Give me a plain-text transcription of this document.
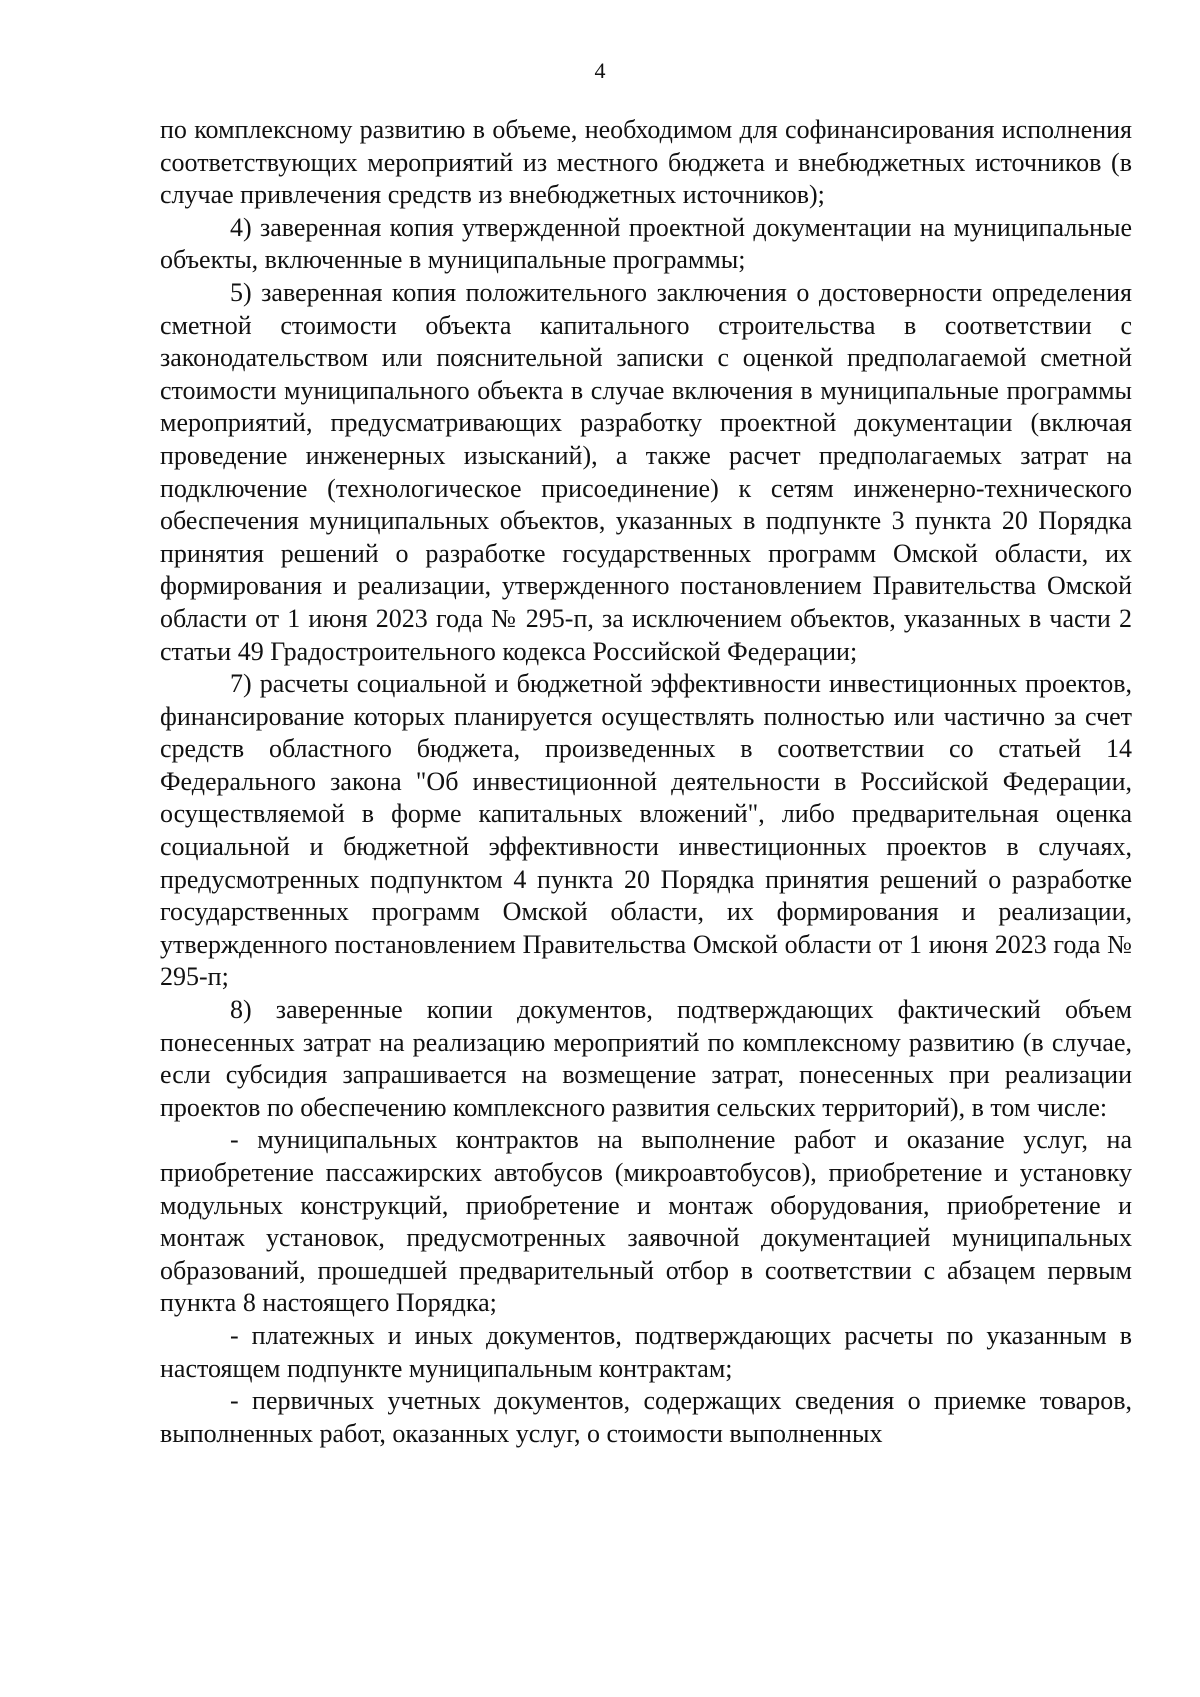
4

по комплексному развитию в объеме, необходимом для софинансирования исполнения соответствующих мероприятий из местного бюджета и внебюджетных источников (в случае привлечения средств из внебюджетных источников);

4) заверенная копия утвержденной проектной документации на муниципальные объекты, включенные в муниципальные программы;

5) заверенная копия положительного заключения о достоверности определения сметной стоимости объекта капитального строительства в соответствии с законодательством или пояснительной записки с оценкой предполагаемой сметной стоимости муниципального объекта в случае включения в муниципальные программы мероприятий, предусматривающих разработку проектной документации (включая проведение инженерных изысканий), а также расчет предполагаемых затрат на подключение (технологическое присоединение) к сетям инженерно-технического обеспечения муниципальных объектов, указанных в подпункте 3 пункта 20 Порядка принятия решений о разработке государственных программ Омской области, их формирования и реализации, утвержденного постановлением Правительства Омской области от 1 июня 2023 года № 295-п, за исключением объектов, указанных в части 2 статьи 49 Градостроительного кодекса Российской Федерации;

7) расчеты социальной и бюджетной эффективности инвестиционных проектов, финансирование которых планируется осуществлять полностью или частично за счет средств областного бюджета, произведенных в соответствии со статьей 14 Федерального закона "Об инвестиционной деятельности в Российской Федерации, осуществляемой в форме капитальных вложений", либо предварительная оценка социальной и бюджетной эффективности инвестиционных проектов в случаях, предусмотренных подпунктом 4 пункта 20 Порядка принятия решений о разработке государственных программ Омской области, их формирования и реализации, утвержденного постановлением Правительства Омской области от 1 июня 2023 года № 295-п;

8) заверенные копии документов, подтверждающих фактический объем понесенных затрат на реализацию мероприятий по комплексному развитию (в случае, если субсидия запрашивается на возмещение затрат, понесенных при реализации проектов по обеспечению комплексного развития сельских территорий), в том числе:

- муниципальных контрактов на выполнение работ и оказание услуг, на приобретение пассажирских автобусов (микроавтобусов), приобретение и установку модульных конструкций, приобретение и монтаж оборудования, приобретение и монтаж установок, предусмотренных заявочной документацией муниципальных образований, прошедшей предварительный отбор в соответствии с абзацем первым пункта 8 настоящего Порядка;

- платежных и иных документов, подтверждающих расчеты по указанным в настоящем подпункте муниципальным контрактам;

- первичных учетных документов, содержащих сведения о приемке товаров, выполненных работ, оказанных услуг, о стоимости выполненных
